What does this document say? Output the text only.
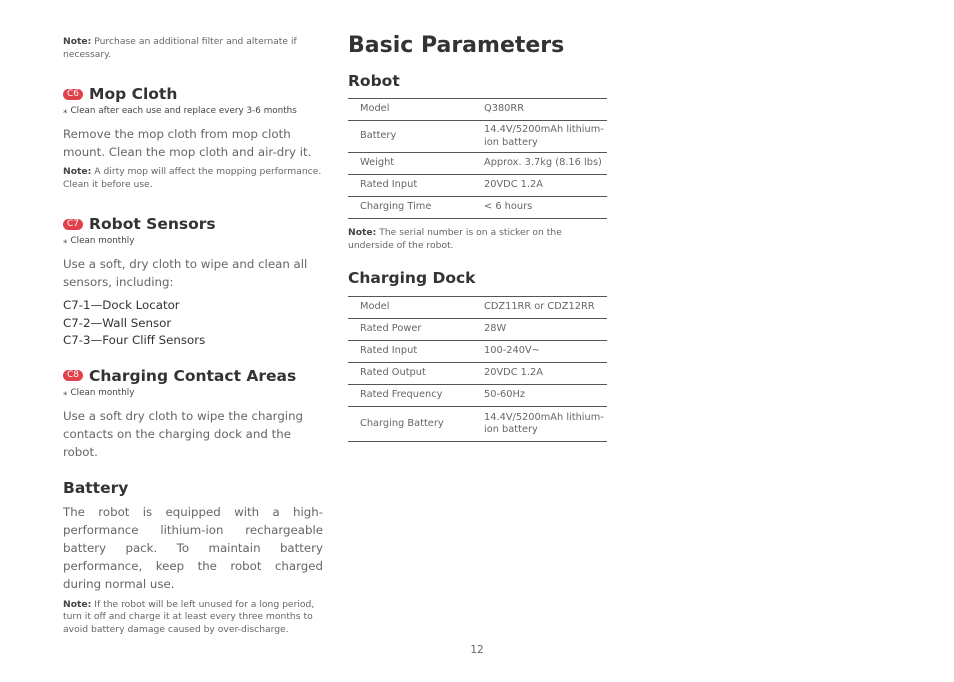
Note: Purchase an additional filter and alternate if necessary.

C6 Mop Cloth

⁎ Clean after each use and replace every 3-6 months

Remove the mop cloth from mop cloth mount. Clean the mop cloth and air-dry it.

Note: A dirty mop will affect the mopping performance. Clean it before use.

C7 Robot Sensors

⁎ Clean monthly

Use a soft, dry cloth to wipe and clean all sensors, including:

C7-1—Dock Locator

C7-2—Wall Sensor

C7-3—Four Cliff Sensors

C8 Charging Contact Areas

⁎ Clean monthly

Use a soft dry cloth to wipe the charging contacts on the charging dock and the robot.

Battery

The robot is equipped with a high-performance lithium-ion rechargeable battery pack. To maintain battery performance, keep the robot charged during normal use.

Note: If the robot will be left unused for a long period, turn it off and charge it at least every three months to avoid battery damage caused by over-discharge.

Basic Parameters

Robot

Model	Q380RR
Battery	14.4V/5200mAh lithium-ion battery
Weight	Approx. 3.7kg (8.16 lbs)
Rated Input	20VDC 1.2A
Charging Time	< 6 hours

Note: The serial number is on a sticker on the underside of the robot.

Charging Dock

Model	CDZ11RR or CDZ12RR
Rated Power	28W
Rated Input	100-240V~
Rated Output	20VDC 1.2A
Rated Frequency	50-60Hz
Charging Battery	14.4V/5200mAh lithium-ion battery
12
